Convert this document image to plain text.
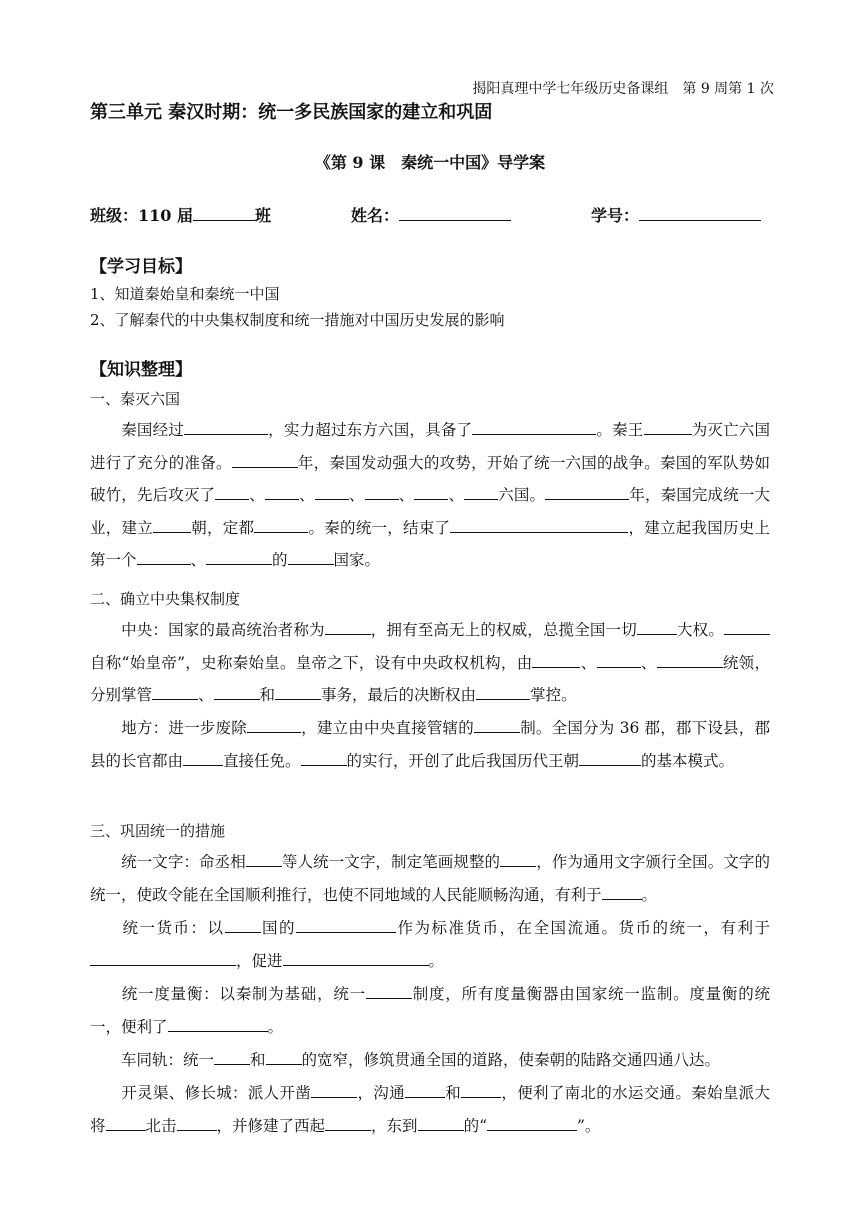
揭阳真理中学七年级历史备课组　第 9 周第 1 次
第三单元 秦汉时期：统一多民族国家的建立和巩固
《第 9 课　秦统一中国》导学案
班级：110 届	班	姓名：	学号：
【学习目标】
1、知道秦始皇和秦统一中国
2、了解秦代的中央集权制度和统一措施对中国历史发展的影响
【知识整理】
一、秦灭六国
秦国经过	，实力超过东方六国，具备了	。秦王	为灭亡六国进行了充分的准备。	年，秦国发动强大的攻势，开始了统一六国的战争。秦国的军队势如破竹，先后攻灭了 、 、 、 、 、 六国。	年，秦国完成统一大业，建立 朝，定都	。秦的统一，结束了	，建立起我国历史上第一个	、	的	国家。
二、确立中央集权制度
中央：国家的最高统治者称为	，拥有至高无上的权威，总揽全国一切	大权。自称“始皇帝”，史称秦始皇。皇帝之下，设有中央政权机构，由	、	、	统领，分别掌管	、	和	事务，最后的决断权由	掌控。
地方：进一步废除	，建立由中央直接管辖的	制。全国分为 36 郡，郡下设县，郡县的长官都由	直接任免。	的实行，开创了此后我国历代王朝	的基本模式。
三、巩固统一的措施
统一文字：命丞相 等人统一文字，制定笔画规整的 ，作为通用文字颁行全国。文字的统一，使政令能在全国顺利推行，也使不同地域的人民能顺畅沟通，有利于	。
统一货币：以 国的	作为标准货币，在全国流通。货币的统一，有利于，促进	。
统一度量衡：以秦制为基础，统一	制度，所有度量衡器由国家统一监制。度量衡的统一，便利了	。
车同轨：统一 和 的宽窄，修筑贯通全国的道路，使秦朝的陆路交通四通八达。
开灵渠、修长城：派人开凿	，沟通	和	，便利了南北的水运交通。秦始皇派大将	北击	，并修建了西起	，东到	的“	”。
